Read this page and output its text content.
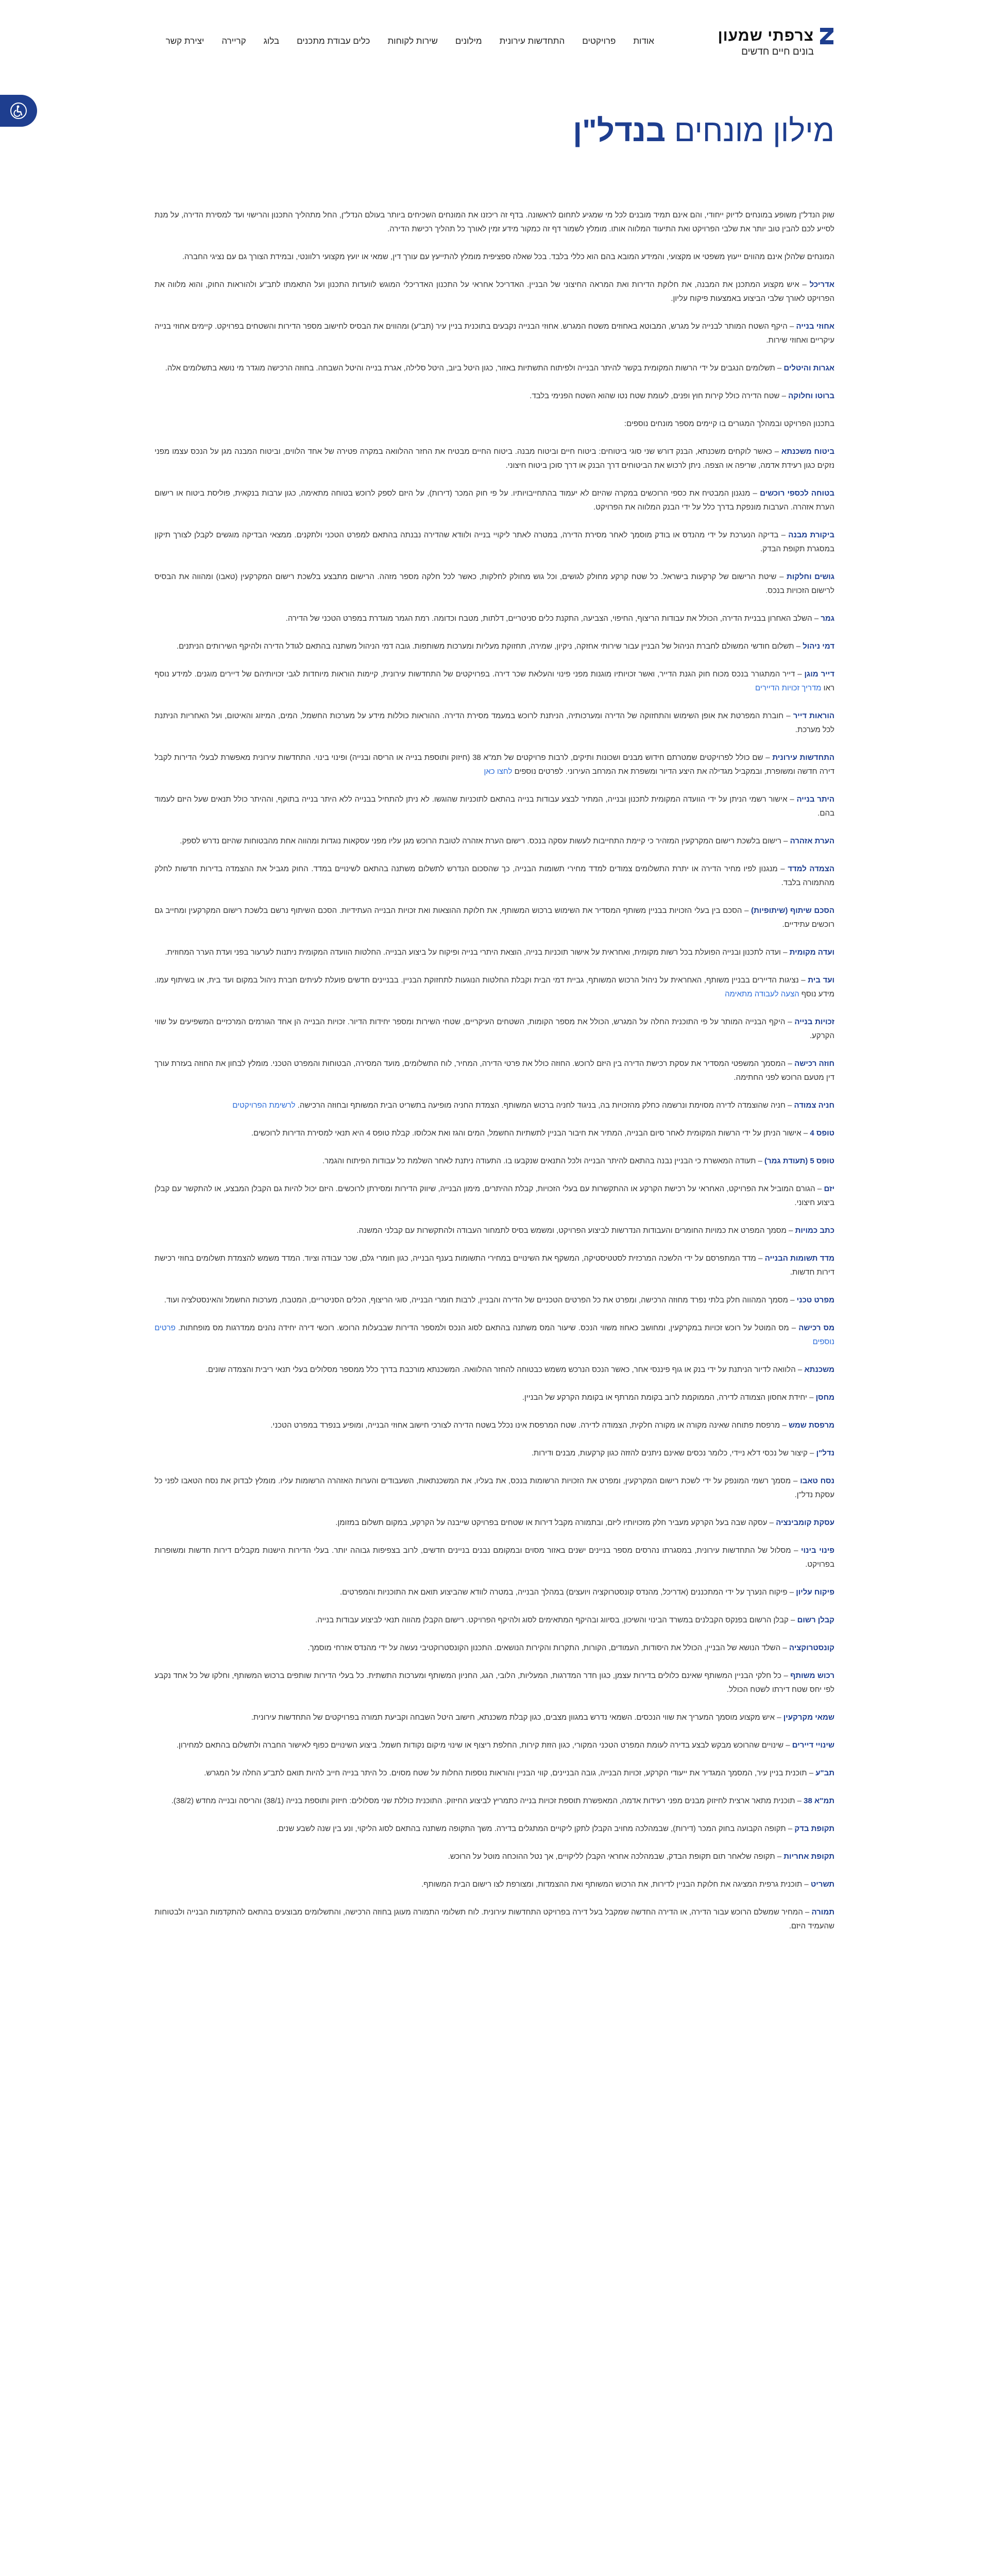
צרפתי שמעון
בונים חיים חדשים
אודות
פרויקטים
התחדשות עירונית
מילונים
שירות לקוחות
כלים עבודת מתכנים
בלוג
קריירה
יצירת קשר
מילון מונחים בנדל"ן

שוק הנדל"ן משופע במונחים לדיוק ייחודי, והם אינם תמיד מובנים לכל מי שמגיע לתחום לראשונה. בדף זה ריכזנו את המונחים השכיחים ביותר בעולם הנדל"ן, החל מתהליך התכנון והרישוי ועד למסירת הדירה, על מנת לסייע לכם להבין טוב יותר את שלבי הפרויקט ואת התיעוד המלווה אותו. מומלץ לשמור דף זה כמקור מידע זמין לאורך כל תהליך רכישת הדירה.

המונחים שלהלן אינם מהווים ייעוץ משפטי או מקצועי, והמידע המובא בהם הוא כללי בלבד. בכל שאלה ספציפית מומלץ להתייעץ עם עורך דין, שמאי או יועץ מקצועי רלוונטי, ובמידת הצורך גם עם נציגי החברה.

אדריכל – איש מקצוע המתכנן את המבנה, את חלוקת הדירות ואת המראה החיצוני של הבניין. האדריכל אחראי על התכנון האדריכלי המוגש לוועדות התכנון ועל התאמתו לתב"ע ולהוראות החוק, והוא מלווה את הפרויקט לאורך שלבי הביצוע באמצעות פיקוח עליון.

אחוזי בנייה – היקף השטח המותר לבנייה על מגרש, המבוטא באחוזים משטח המגרש. אחוזי הבנייה נקבעים בתוכנית בניין עיר (תב"ע) ומהווים את הבסיס לחישוב מספר הדירות והשטחים בפרויקט. קיימים אחוזי בנייה עיקריים ואחוזי שירות.

אגרות והיטלים – תשלומים הנגבים על ידי הרשות המקומית בקשר להיתר הבנייה ולפיתוח התשתיות באזור, כגון היטל ביוב, היטל סלילה, אגרת בנייה והיטל השבחה. בחוזה הרכישה מוגדר מי נושא בתשלומים אלה.

ברוטו וחלוקה – שטח הדירה כולל קירות חוץ ופנים, לעומת שטח נטו שהוא השטח הפנימי בלבד.

בתכנון הפרויקט ובמהלך המגורים בו קיימים מספר מונחים נוספים:

ביטוח משכנתא – כאשר לוקחים משכנתא, הבנק דורש שני סוגי ביטוחים: ביטוח חיים וביטוח מבנה. ביטוח החיים מבטיח את החזר ההלוואה במקרה פטירה של אחד הלווים, וביטוח המבנה מגן על הנכס עצמו מפני נזקים כגון רעידת אדמה, שריפה או הצפה. ניתן לרכוש את הביטוחים דרך הבנק או דרך סוכן ביטוח חיצוני.

בטוחה לכספי רוכשים – מנגנון המבטיח את כספי הרוכשים במקרה שהיזם לא יעמוד בהתחייבויותיו. על פי חוק המכר (דירות), על היזם לספק לרוכש בטוחה מתאימה, כגון ערבות בנקאית, פוליסת ביטוח או רישום הערת אזהרה. הערבות מונפקת בדרך כלל על ידי הבנק המלווה את הפרויקט.

ביקורת מבנה – בדיקה הנערכת על ידי מהנדס או בודק מוסמך לאחר מסירת הדירה, במטרה לאתר ליקויי בנייה ולוודא שהדירה נבנתה בהתאם למפרט הטכני ולתקנים. ממצאי הבדיקה מוגשים לקבלן לצורך תיקון במסגרת תקופת הבדק.

גושים וחלקות – שיטת הרישום של קרקעות בישראל. כל שטח קרקע מחולק לגושים, וכל גוש מחולק לחלקות, כאשר לכל חלקה מספר מזהה. הרישום מתבצע בלשכת רישום המקרקעין (טאבו) ומהווה את הבסיס לרישום הזכויות בנכס.

גמר – השלב האחרון בבניית הדירה, הכולל את עבודות הריצוף, החיפוי, הצביעה, התקנת כלים סניטריים, דלתות, מטבח וכדומה. רמת הגמר מוגדרת במפרט הטכני של הדירה.

דמי ניהול – תשלום חודשי המשולם לחברת הניהול של הבניין עבור שירותי אחזקה, ניקיון, שמירה, תחזוקת מעליות ומערכות משותפות. גובה דמי הניהול משתנה בהתאם לגודל הדירה ולהיקף השירותים הניתנים.

דייר מוגן – דייר המתגורר בנכס מכוח חוק הגנת הדייר, ואשר זכויותיו מוגנות מפני פינוי והעלאת שכר דירה. בפרויקטים של התחדשות עירונית, קיימות הוראות מיוחדות לגבי זכויותיהם של דיירים מוגנים. למידע נוסף ראו מדריך זכויות הדיירים

הוראות דייר – חוברת המפרטת את אופן השימוש והתחזוקה של הדירה ומערכותיה, הניתנת לרוכש במעמד מסירת הדירה. ההוראות כוללות מידע על מערכות החשמל, המים, המיזוג והאיטום, ועל האחריות הניתנת לכל מערכת.

התחדשות עירונית – שם כולל לפרויקטים שמטרתם חידוש מבנים ושכונות ותיקים, לרבות פרויקטים של תמ"א 38 (חיזוק ותוספת בנייה או הריסה ובנייה) ופינוי בינוי. התחדשות עירונית מאפשרת לבעלי הדירות לקבל דירה חדשה ומשופרת, ובמקביל מגדילה את היצע הדיור ומשפרת את המרחב העירוני. לפרטים נוספים לחצו כאן

היתר בנייה – אישור רשמי הניתן על ידי הוועדה המקומית לתכנון ובנייה, המתיר לבצע עבודות בנייה בהתאם לתוכניות שהוגשו. לא ניתן להתחיל בבנייה ללא היתר בנייה בתוקף, וההיתר כולל תנאים שעל היזם לעמוד בהם.

הערת אזהרה – רישום בלשכת רישום המקרקעין המזהיר כי קיימת התחייבות לעשות עסקה בנכס. רישום הערת אזהרה לטובת הרוכש מגן עליו מפני עסקאות נוגדות ומהווה אחת מהבטוחות שהיזם נדרש לספק.

הצמדה למדד – מנגנון לפיו מחיר הדירה או יתרת התשלומים צמודים למדד מחירי תשומות הבנייה, כך שהסכום הנדרש לתשלום משתנה בהתאם לשינויים במדד. החוק מגביל את ההצמדה בדירות חדשות לחלק מהתמורה בלבד.

הסכם שיתוף (שיתופיות) – הסכם בין בעלי הזכויות בבניין משותף המסדיר את השימוש ברכוש המשותף, את חלוקת ההוצאות ואת זכויות הבנייה העתידיות. הסכם השיתוף נרשם בלשכת רישום המקרקעין ומחייב גם רוכשים עתידיים.

ועדה מקומית – ועדה לתכנון ובנייה הפועלת בכל רשות מקומית, ואחראית על אישור תוכניות בנייה, הוצאת היתרי בנייה ופיקוח על ביצוע הבנייה. החלטות הוועדה המקומית ניתנות לערעור בפני ועדת הערר המחוזית.

ועד בית – נציגות הדיירים בבניין משותף, האחראית על ניהול הרכוש המשותף, גביית דמי הבית וקבלת החלטות הנוגעות לתחזוקת הבניין. בבניינים חדשים פועלת לעיתים חברת ניהול במקום ועד בית, או בשיתוף עמו. מידע נוסף הצעה לעבודה מתאימה

זכויות בנייה – היקף הבנייה המותר על פי התוכנית החלה על המגרש, הכולל את מספר הקומות, השטחים העיקריים, שטחי השירות ומספר יחידות הדיור. זכויות הבנייה הן אחד הגורמים המרכזיים המשפיעים על שווי הקרקע.

חוזה רכישה – המסמך המשפטי המסדיר את עסקת רכישת הדירה בין היזם לרוכש. החוזה כולל את פרטי הדירה, המחיר, לוח התשלומים, מועד המסירה, הבטוחות והמפרט הטכני. מומלץ לבחון את החוזה בעזרת עורך דין מטעם הרוכש לפני החתימה.

חניה צמודה – חניה שהוצמדה לדירה מסוימת ונרשמה כחלק מהזכויות בה, בניגוד לחניה ברכוש המשותף. הצמדת החניה מופיעה בתשריט הבית המשותף ובחוזה הרכישה. לרשימת הפרויקטים

טופס 4 – אישור הניתן על ידי הרשות המקומית לאחר סיום הבנייה, המתיר את חיבור הבניין לתשתיות החשמל, המים והגז ואת אכלוסו. קבלת טופס 4 היא תנאי למסירת הדירות לרוכשים.

טופס 5 (תעודת גמר) – תעודה המאשרת כי הבניין נבנה בהתאם להיתר הבנייה ולכל התנאים שנקבעו בו. התעודה ניתנת לאחר השלמת כל עבודות הפיתוח והגמר.

יזם – הגורם המוביל את הפרויקט, האחראי על רכישת הקרקע או ההתקשרות עם בעלי הזכויות, קבלת ההיתרים, מימון הבנייה, שיווק הדירות ומסירתן לרוכשים. היזם יכול להיות גם הקבלן המבצע, או להתקשר עם קבלן ביצוע חיצוני.

כתב כמויות – מסמך המפרט את כמויות החומרים והעבודות הנדרשות לביצוע הפרויקט, ומשמש בסיס לתמחור העבודה ולהתקשרות עם קבלני המשנה.

מדד תשומות הבנייה – מדד המתפרסם על ידי הלשכה המרכזית לסטטיסטיקה, המשקף את השינויים במחירי התשומות בענף הבנייה, כגון חומרי גלם, שכר עבודה וציוד. המדד משמש להצמדת תשלומים בחוזי רכישת דירות חדשות.

מפרט טכני – מסמך המהווה חלק בלתי נפרד מחוזה הרכישה, ומפרט את כל הפרטים הטכניים של הדירה והבניין, לרבות חומרי הבנייה, סוגי הריצוף, הכלים הסניטריים, המטבח, מערכות החשמל והאינסטלציה ועוד.

מס רכישה – מס המוטל על רוכש זכויות במקרקעין, ומחושב כאחוז משווי הנכס. שיעור המס משתנה בהתאם לסוג הנכס ולמספר הדירות שבבעלות הרוכש. רוכשי דירה יחידה נהנים ממדרגות מס מופחתות. פרטים נוספים

משכנתא – הלוואה לדיור הניתנת על ידי בנק או גוף פיננסי אחר, כאשר הנכס הנרכש משמש כבטוחה להחזר ההלוואה. המשכנתא מורכבת בדרך כלל ממספר מסלולים בעלי תנאי ריבית והצמדה שונים.

מחסן – יחידת אחסון הצמודה לדירה, הממוקמת לרוב בקומת המרתף או בקומת הקרקע של הבניין.

מרפסת שמש – מרפסת פתוחה שאינה מקורה או מקורה חלקית, הצמודה לדירה. שטח המרפסת אינו נכלל בשטח הדירה לצורכי חישוב אחוזי הבנייה, ומופיע בנפרד במפרט הטכני.

נדל"ן – קיצור של נכסי דלא ניידי, כלומר נכסים שאינם ניתנים להזזה כגון קרקעות, מבנים ודירות.

נסח טאבו – מסמך רשמי המונפק על ידי לשכת רישום המקרקעין, ומפרט את הזכויות הרשומות בנכס, את בעליו, את המשכנתאות, השעבודים והערות האזהרה הרשומות עליו. מומלץ לבדוק את נסח הטאבו לפני כל עסקת נדל"ן.

עסקת קומבינציה – עסקה שבה בעל הקרקע מעביר חלק מזכויותיו ליזם, ובתמורה מקבל דירות או שטחים בפרויקט שייבנה על הקרקע, במקום תשלום במזומן.

פינוי בינוי – מסלול של התחדשות עירונית, במסגרתו נהרסים מספר בניינים ישנים באזור מסוים ובמקומם נבנים בניינים חדשים, לרוב בצפיפות גבוהה יותר. בעלי הדירות הישנות מקבלים דירות חדשות ומשופרות בפרויקט.

פיקוח עליון – פיקוח הנערך על ידי המתכננים (אדריכל, מהנדס קונסטרוקציה ויועצים) במהלך הבנייה, במטרה לוודא שהביצוע תואם את התוכניות והמפרטים.

קבלן רשום – קבלן הרשום בפנקס הקבלנים במשרד הבינוי והשיכון, בסיווג ובהיקף המתאימים לסוג ולהיקף הפרויקט. רישום הקבלן מהווה תנאי לביצוע עבודות בנייה.

קונסטרוקציה – השלד הנושא של הבניין, הכולל את היסודות, העמודים, הקורות, התקרות והקירות הנושאים. התכנון הקונסטרוקטיבי נעשה על ידי מהנדס אזרחי מוסמך.

רכוש משותף – כל חלקי הבניין המשותף שאינם כלולים בדירות עצמן, כגון חדר המדרגות, המעליות, הלובי, הגג, החניון המשותף ומערכות התשתית. כל בעלי הדירות שותפים ברכוש המשותף, וחלקו של כל אחד נקבע לפי יחס שטח דירתו לשטח הכולל.

שמאי מקרקעין – איש מקצוע מוסמך המעריך את שווי הנכסים. השמאי נדרש במגוון מצבים, כגון קבלת משכנתא, חישוב היטל השבחה וקביעת תמורה בפרויקטים של התחדשות עירונית.

שינויי דיירים – שינויים שהרוכש מבקש לבצע בדירה לעומת המפרט הטכני המקורי, כגון הזזת קירות, החלפת ריצוף או שינוי מיקום נקודות חשמל. ביצוע השינויים כפוף לאישור החברה ולתשלום בהתאם למחירון.

תב"ע – תוכנית בניין עיר, המסמך המגדיר את ייעודי הקרקע, זכויות הבנייה, גובה הבניינים, קווי הבניין והוראות נוספות החלות על שטח מסוים. כל היתר בנייה חייב להיות תואם לתב"ע החלה על המגרש.

תמ"א 38 – תוכנית מתאר ארצית לחיזוק מבנים מפני רעידות אדמה, המאפשרת תוספת זכויות בנייה כתמריץ לביצוע החיזוק. התוכנית כוללת שני מסלולים: חיזוק ותוספת בנייה (38/1) והריסה ובנייה מחדש (38/2).

תקופת בדק – תקופה הקבועה בחוק המכר (דירות), שבמהלכה מחויב הקבלן לתקן ליקויים המתגלים בדירה. משך התקופה משתנה בהתאם לסוג הליקוי, ונע בין שנה לשבע שנים.

תקופת אחריות – תקופה שלאחר תום תקופת הבדק, שבמהלכה אחראי הקבלן לליקויים, אך נטל ההוכחה מוטל על הרוכש.

תשריט – תוכנית גרפית המציגה את חלוקת הבניין לדירות, את הרכוש המשותף ואת ההצמדות, ומצורפת לצו רישום הבית המשותף.

תמורה – המחיר שמשלם הרוכש עבור הדירה, או הדירה החדשה שמקבל בעל דירה בפרויקט התחדשות עירונית. לוח תשלומי התמורה מעוגן בחוזה הרכישה, והתשלומים מבוצעים בהתאם להתקדמות הבנייה ולבטוחות שהעמיד היזם.
